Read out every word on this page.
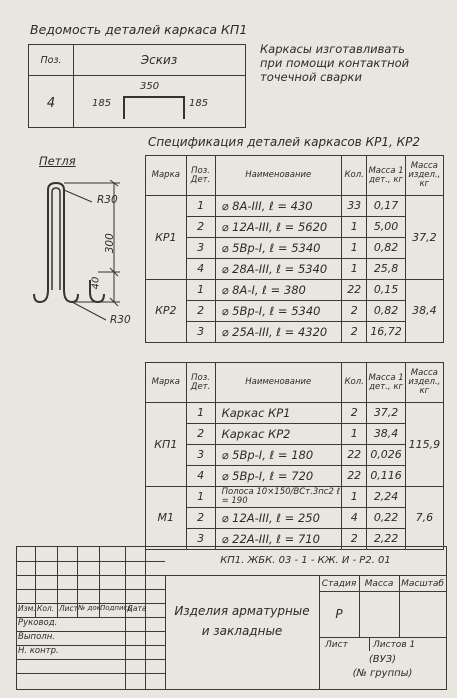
Ведомость деталей каркаса КП1
Поз.	Эскиз
4
350
185	185
Каркасы изготавливать
при помощи контактной
точечной сварки
Спецификация деталей каркасов КР1, КР2
Петля
R30
R30
300
40
Марка	Поз. Дет.	Наименование	Кол.	Масса 1 дет., кг	Масса издел., кг
КР1	1	⌀ 8А-III, ℓ = 430	33	0,17	37,2
	2	⌀ 12А-III, ℓ = 5620	1	5,00	
	3	⌀ 5Вр-I, ℓ = 5340	1	0,82	
	4	⌀ 28А-III, ℓ = 5340	1	25,8	
КР2	1	⌀ 8А-I, ℓ = 380	22	0,15	38,4
	2	⌀ 5Вр-I, ℓ = 5340	2	0,82	
	3	⌀ 25А-III, ℓ = 4320	2	16,72	
Марка	Поз. Дет.	Наименование	Кол.	Масса 1 дет., кг	Масса издел., кг
КП1	1	Каркас КР1	2	37,2	115,9
	2	Каркас КР2	1	38,4	
	3	⌀ 5Вр-I, ℓ = 180	22	0,026	
	4	⌀ 5Вр-I, ℓ = 720	22	0,116	
М1	1	Полоса 10×150/ВСт.3пс2 ℓ = 190	1	2,24	7,6
	2	⌀ 12А-III, ℓ = 250	4	0,22	
	3	⌀ 22А-III, ℓ = 710	2	2,22	
КП1. ЖБК. 03 - 1 - КЖ. И - Р2. 01
Изм. Кол. Лист № док.
Подпись
Дата
Руковод.
Выполн.
Н. контр.
Изделия арматурные
и закладные
Стадия Масса Масштаб
Р
Лист	Листов 1
(ВУЗ)
(№ группы)
